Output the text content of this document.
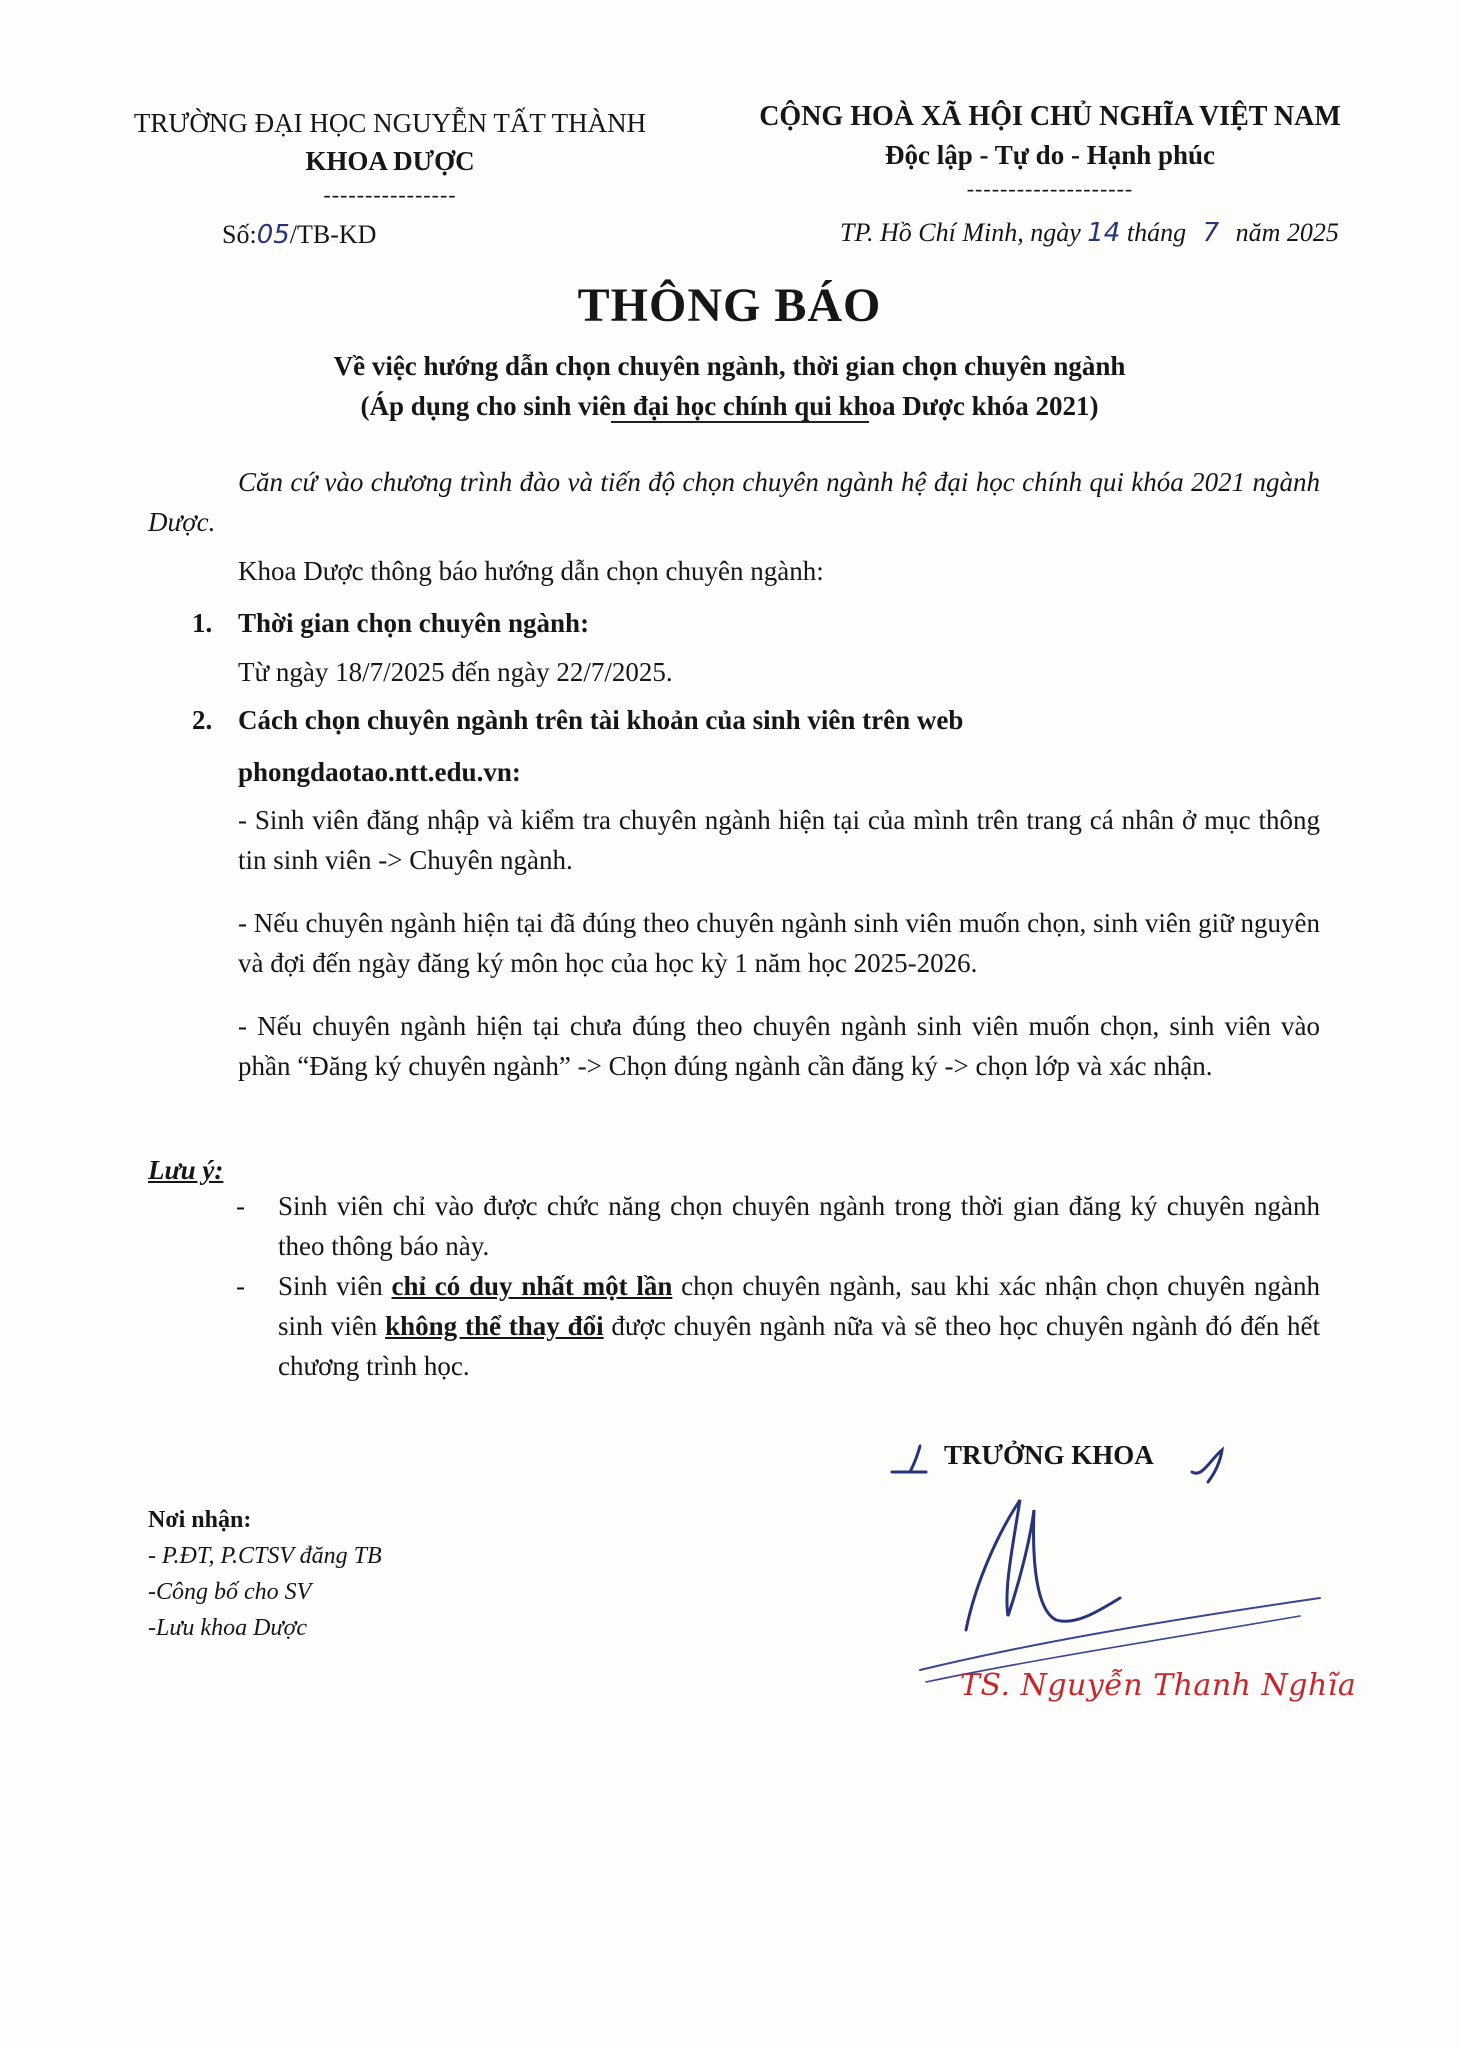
TRƯỜNG ĐẠI HỌC NGUYỄN TẤT THÀNH
KHOA DƯỢC
----------------
CỘNG HOÀ XÃ HỘI CHỦ NGHĨA VIỆT NAM
Độc lập - Tự do - Hạnh phúc
--------------------
Số:05/TB-KD	TP. Hồ Chí Minh, ngày 14 tháng 7 năm 2025
THÔNG BÁO
Về việc hướng dẫn chọn chuyên ngành, thời gian chọn chuyên ngành
(Áp dụng cho sinh viên đại học chính qui khoa Dược khóa 2021)
Căn cứ vào chương trình đào và tiến độ chọn chuyên ngành hệ đại học chính qui khóa 2021 ngành Dược.
Khoa Dược thông báo hướng dẫn chọn chuyên ngành:
1. Thời gian chọn chuyên ngành:
Từ ngày 18/7/2025 đến ngày 22/7/2025.
2. Cách chọn chuyên ngành trên tài khoản của sinh viên trên web
phongdaotao.ntt.edu.vn:
- Sinh viên đăng nhập và kiểm tra chuyên ngành hiện tại của mình trên trang cá nhân ở mục thông tin sinh viên -> Chuyên ngành.
- Nếu chuyên ngành hiện tại đã đúng theo chuyên ngành sinh viên muốn chọn, sinh viên giữ nguyên và đợi đến ngày đăng ký môn học của học kỳ 1 năm học 2025-2026.
- Nếu chuyên ngành hiện tại chưa đúng theo chuyên ngành sinh viên muốn chọn, sinh viên vào phần “Đăng ký chuyên ngành” -> Chọn đúng ngành cần đăng ký -> chọn lớp và xác nhận.
Lưu ý:
- Sinh viên chỉ vào được chức năng chọn chuyên ngành trong thời gian đăng ký chuyên ngành theo thông báo này.
- Sinh viên chỉ có duy nhất một lần chọn chuyên ngành, sau khi xác nhận chọn chuyên ngành sinh viên không thể thay đổi được chuyên ngành nữa và sẽ theo học chuyên ngành đó đến hết chương trình học.
Nơi nhận:
- P.ĐT, P.CTSV đăng TB
-Công bố cho SV
-Lưu khoa Dược
TRƯỞNG KHOA
TS. Nguyễn Thanh Nghĩa
